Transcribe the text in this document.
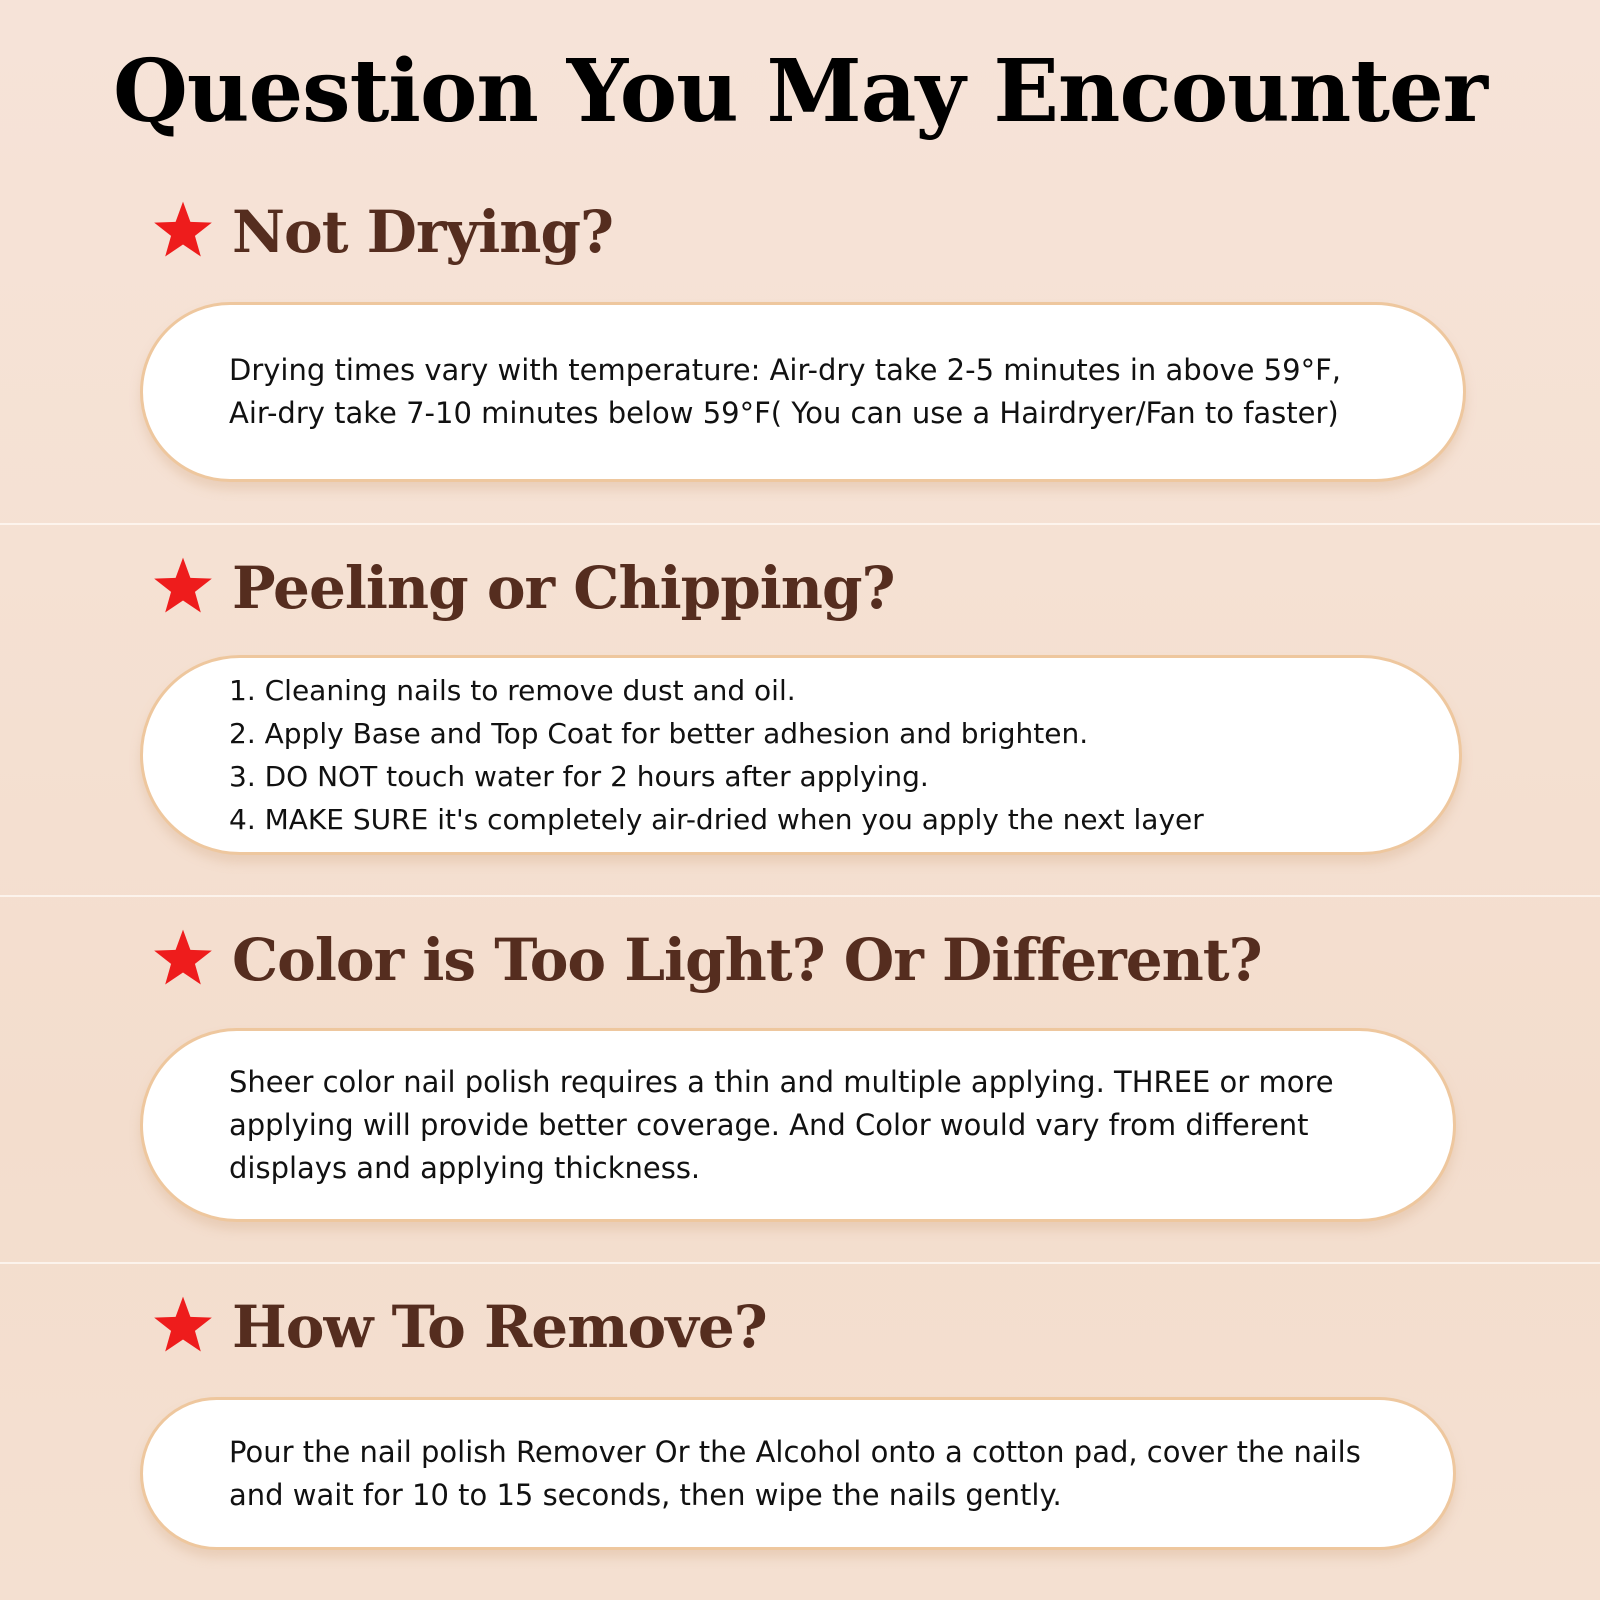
Question You May Encounter
Not Drying?

Drying times vary with temperature: Air-dry take 2-5 minutes in above 59°F, Air-dry take 7-10 minutes below 59°F( You can use a Hairdryer/Fan to faster)

Peeling or Chipping?
1. Cleaning nails to remove dust and oil.
2. Apply Base and Top Coat for better adhesion and brighten.
3. DO NOT touch water for 2 hours after applying.
4. MAKE SURE it's completely air-dried when you apply the next layer
Color is Too Light? Or Different?

Sheer color nail polish requires a thin and multiple applying. THREE or more applying will provide better coverage. And Color would vary from different displays and applying thickness.

How To Remove?

Pour the nail polish Remover Or the Alcohol onto a cotton pad, cover the nails and wait for 10 to 15 seconds, then wipe the nails gently.
